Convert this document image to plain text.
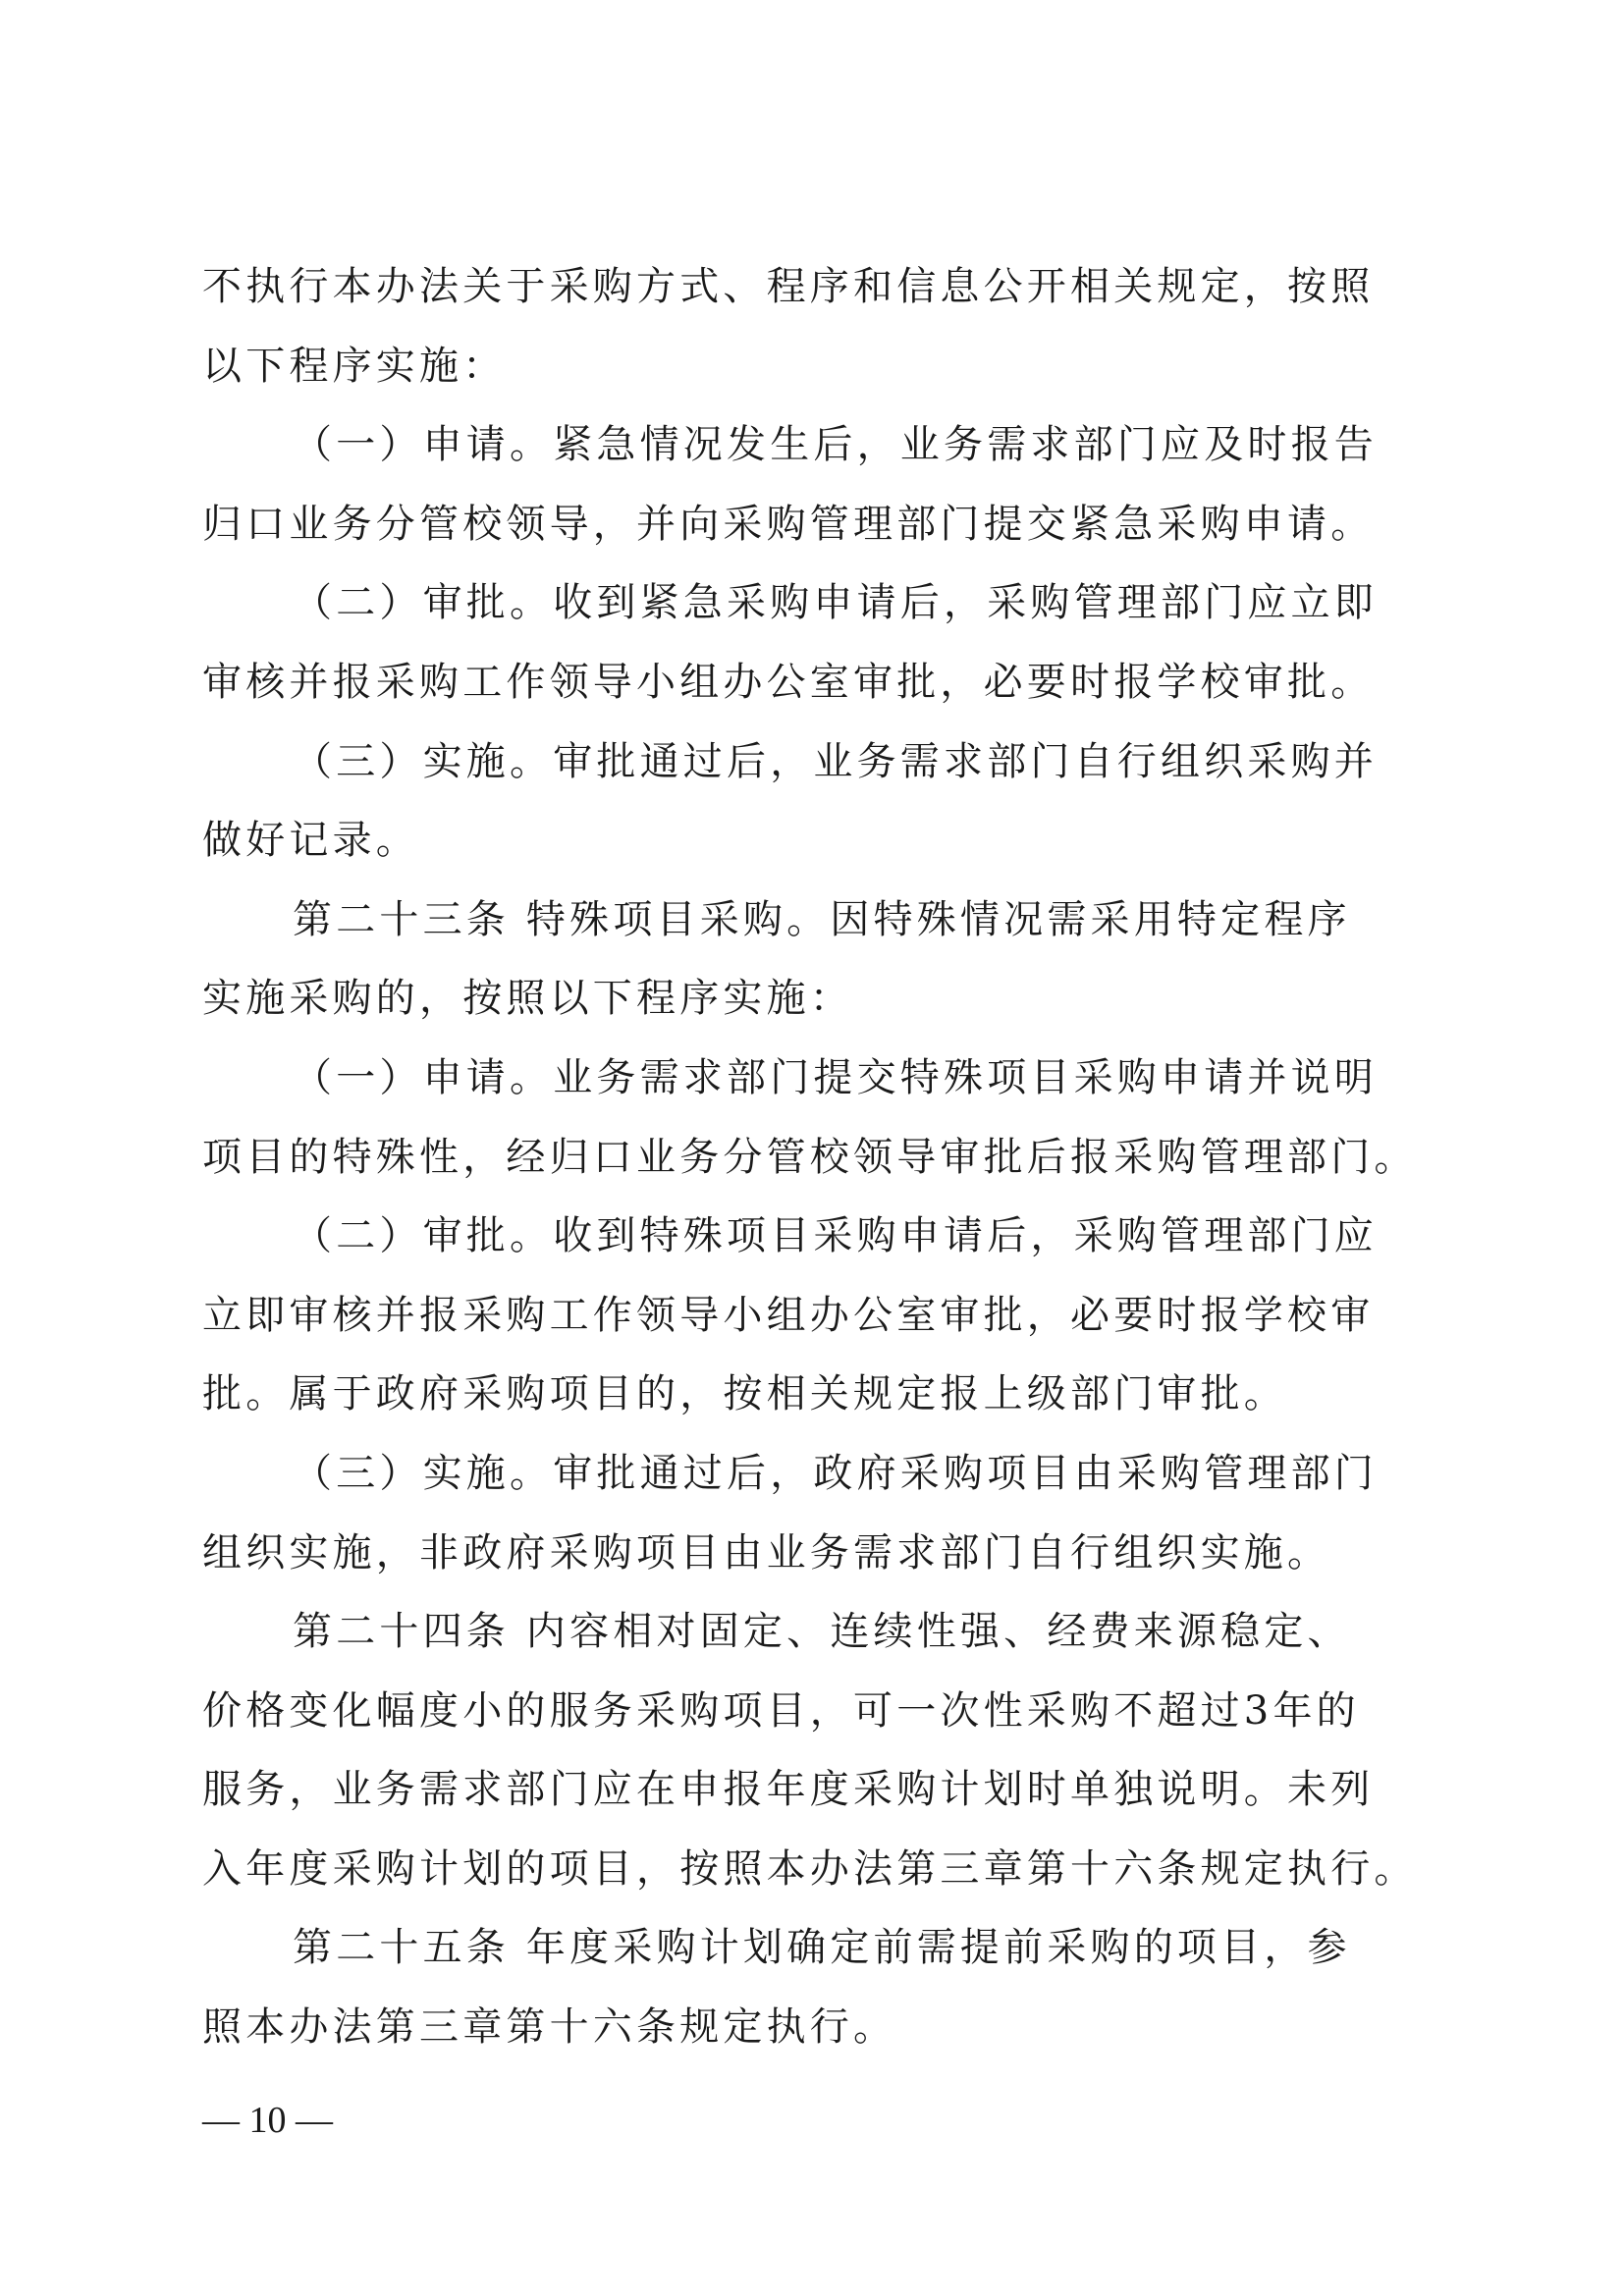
不执行本办法关于采购方式、程序和信息公开相关规定，按照
以下程序实施：
（一）申请。紧急情况发生后，业务需求部门应及时报告
归口业务分管校领导，并向采购管理部门提交紧急采购申请。
（二）审批。收到紧急采购申请后，采购管理部门应立即
审核并报采购工作领导小组办公室审批，必要时报学校审批。
（三）实施。审批通过后，业务需求部门自行组织采购并
做好记录。
第二十三条 特殊项目采购。因特殊情况需采用特定程序
实施采购的，按照以下程序实施：
（一）申请。业务需求部门提交特殊项目采购申请并说明
项目的特殊性，经归口业务分管校领导审批后报采购管理部门。
（二）审批。收到特殊项目采购申请后，采购管理部门应
立即审核并报采购工作领导小组办公室审批，必要时报学校审
批。属于政府采购项目的，按相关规定报上级部门审批。
（三）实施。审批通过后，政府采购项目由采购管理部门
组织实施，非政府采购项目由业务需求部门自行组织实施。
第二十四条 内容相对固定、连续性强、经费来源稳定、
价格变化幅度小的服务采购项目，可一次性采购不超过3年的
服务，业务需求部门应在申报年度采购计划时单独说明。未列
入年度采购计划的项目，按照本办法第三章第十六条规定执行。
第二十五条 年度采购计划确定前需提前采购的项目，参
照本办法第三章第十六条规定执行。
— 10 —
